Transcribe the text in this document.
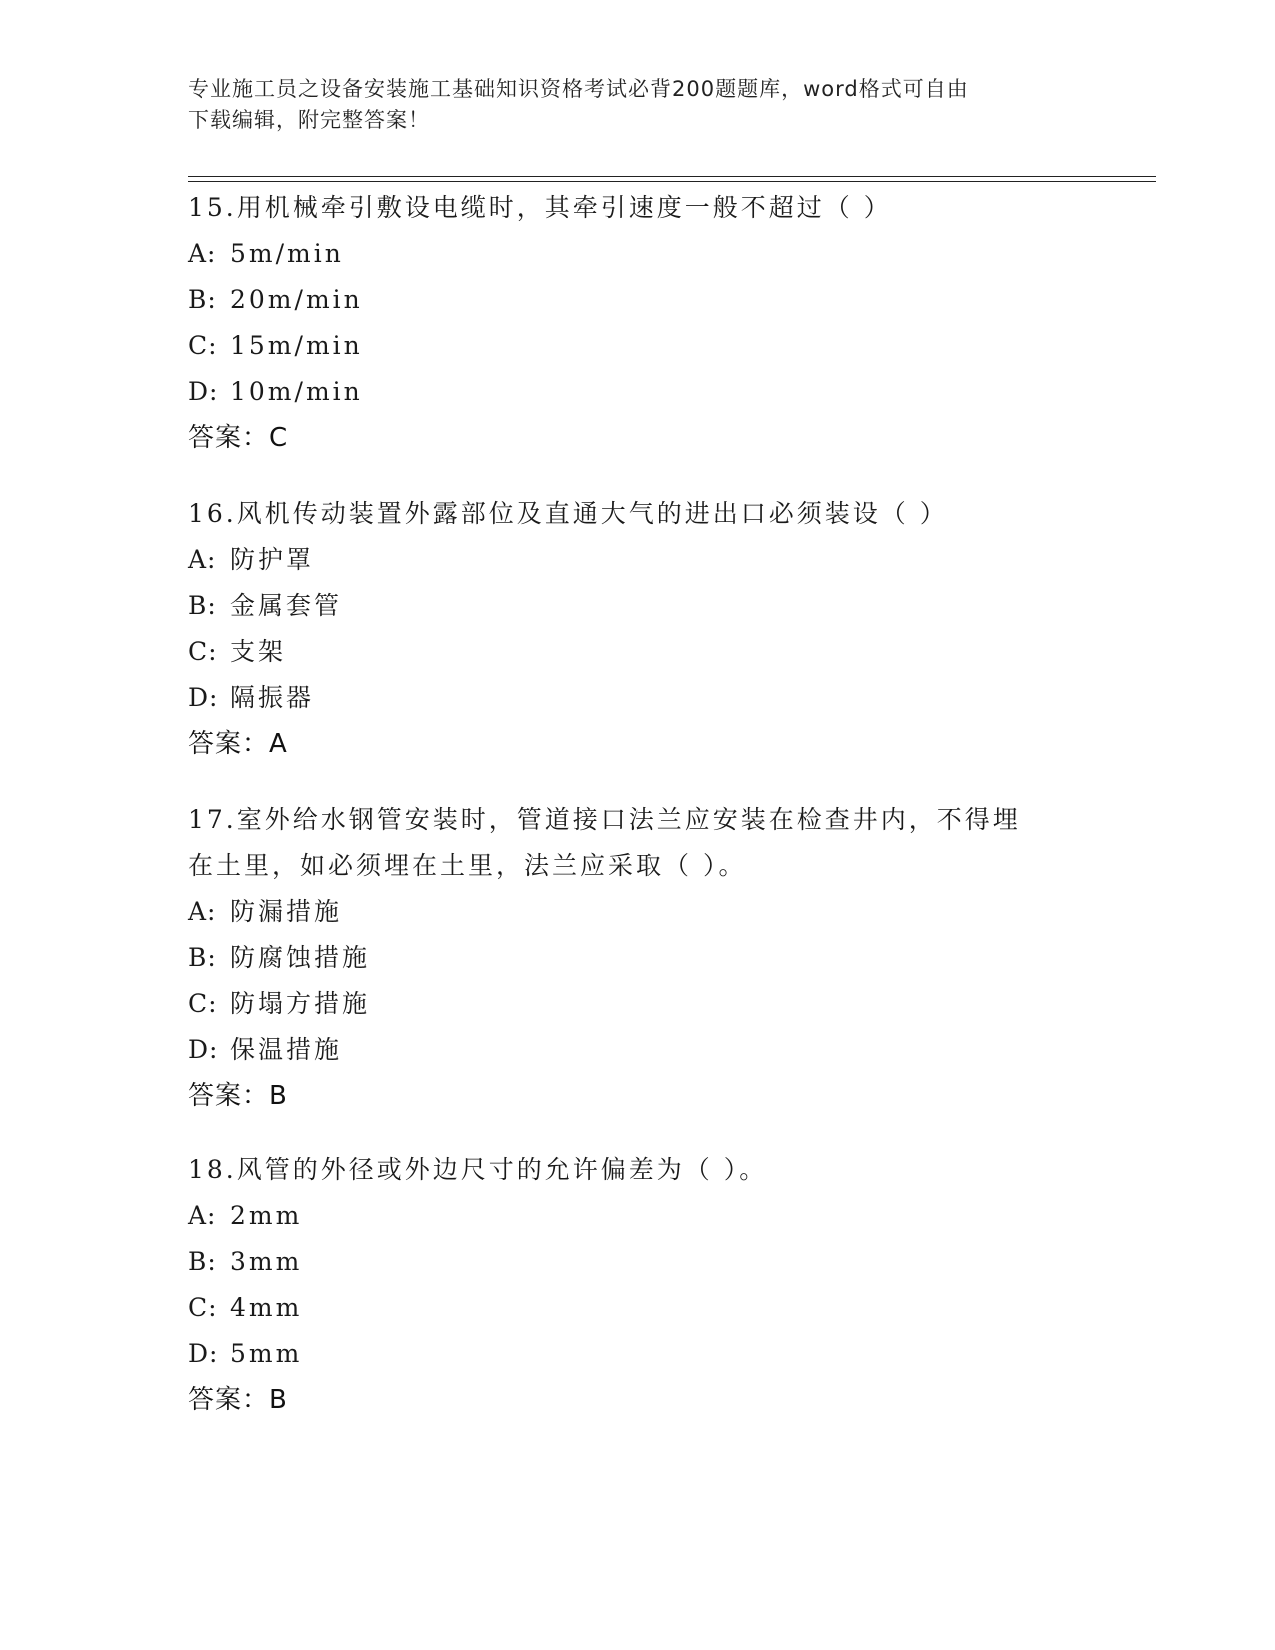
专业施工员之设备安装施工基础知识资格考试必背200题题库，word格式可自由
下载编辑，附完整答案！
15.用机械牵引敷设电缆时，其牵引速度一般不超过（ ）
A: 5m/min
B: 20m/min
C: 15m/min
D: 10m/min
答案：C
16.风机传动装置外露部位及直通大气的进出口必须装设（ ）
A: 防护罩
B: 金属套管
C: 支架
D: 隔振器
答案：A
17.室外给水钢管安装时，管道接口法兰应安装在检查井内，不得埋在土里，如必须埋在土里，法兰应采取（ ）。
A: 防漏措施
B: 防腐蚀措施
C: 防塌方措施
D: 保温措施
答案：B
18.风管的外径或外边尺寸的允许偏差为（ ）。
A: 2mm
B: 3mm
C: 4mm
D: 5mm
答案：B
